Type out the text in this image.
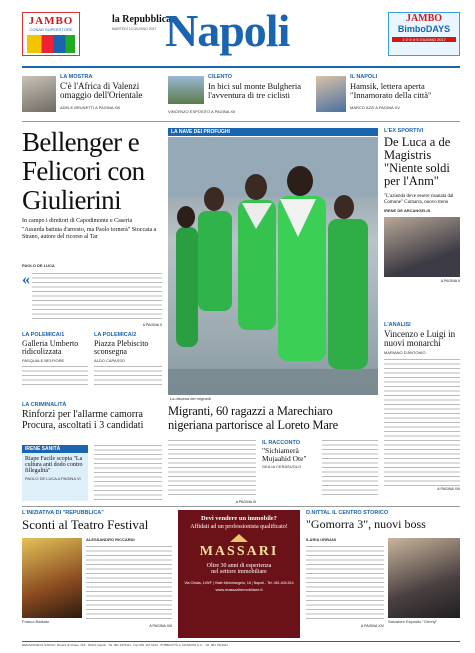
JAMBO
CONAD SUPERSTORE
la Repubblica
MARTEDÌ 13 GIUGNO 2017 Napoli	JAMBO
BimboDAYS
1·2·3·4·5 GIUGNO 2017
LA MOSTRA
C'è l'Africa di Valenzi omaggio dell'Orientale
ADELE BRUNETTI A PAGINA XIII
CILENTO
In bici sul monte Bulgheria l'avventura di tre ciclisti
VINCENZO ESPOSITO A PAGINA XII
IL NAPOLI
Hamsik, lettera aperta "Innamorato della città"
MARCO AZZI A PAGINA XV
Bellenger e Felicori con Giulierini
In campo i direttori di Capodimonte e Caserta
"Assurda battuta d'arresto, ma Paolo tornerà" Stoccata a Strano, autore del ricorso al Tar
PAOLO DE LUCA
«
A PAGINA II
LA POLEMICA/1
Galleria Umberto ridicolizzata
PASQUALE BELFIORE
LA POLEMICA/2
Piazza Plebiscito sconsegna
ALDO CAPASSO
LA CRIMINALITÀ
Rinforzi per l'allarme camorra Procura, ascoltati i 3 candidati
IRENE SANITÀ
Riape Facile scopta "La cultura anti dodo contro fillegalità"
PAOLO DE LUCA A PAGINA VI
LA NAVE DEI PROFUGHI
La discesa dei migranti
Migranti, 60 ragazzi a Marechiaro nigeriana partorisce al Loreto Mare
A PAGINA III
IL RACCONTO
"Sichiamerà Mujaahid Ote"
GIULIA CERASUOLO
L'EX SPORTIVI
De Luca a de Magistris "Niente soldi per l'Anm"
"L'azienda deve essere risanata dal Comune" Cumarra, nuovo treno
IRENE DE ARCANGELIS
A PAGINA II
L'ANALISI
Vincenzo e Luigi in nuovi monarchi
MARIANO D'ANTONIO
A PAGINA XIII
L'INIZIATIVA DI "REPUBBLICA"
Sconti al Teatro Festival
Franco Battiato
ALESSANDRO RICCARDI
A PAGINA XIII
Devi vendere un immobile?
Affidati ad un professionista qualificato!
MASSARI
Oltre 30 anni di esperienza
nel settore immobiliare
Via Chiaia, 149/F | Viale Michelangelo, 16 | Napoli - Tel. 081.404.514
www.massariimmobiliare.it
D.NITTAL IL CENTRO STORICO
"Gomorra 3", nuovi boss
ILARIA URBANI
Salvatore Esposito "Genny"
A PAGINA XIV
REDAZIONE DI NAPOLI: Riviera di Chiaia, 215 - 80121 Napoli - Tel. 081 4976111 - Fax 081 497 6210 - PUBBLICITÀ A. MANZONI & C. - Tel. 081 7918111
